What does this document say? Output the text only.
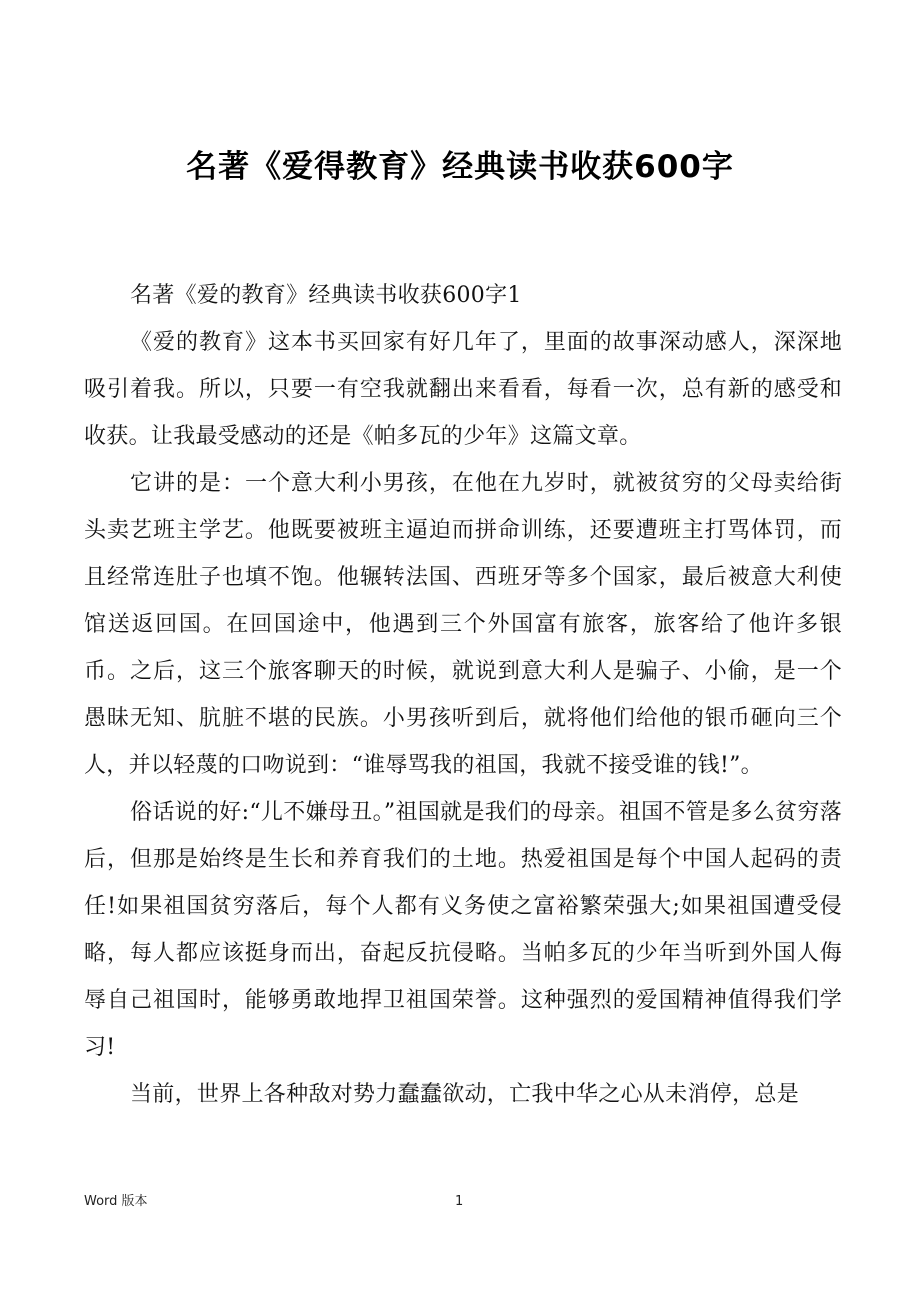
名著《爱得教育》经典读书收获600字

名著《爱的教育》经典读书收获600字1

《爱的教育》这本书买回家有好几年了，里面的故事深动感人，深深地吸引着我。所以，只要一有空我就翻出来看看，每看一次，总有新的感受和收获。让我最受感动的还是《帕多瓦的少年》这篇文章。

它讲的是：一个意大利小男孩，在他在九岁时，就被贫穷的父母卖给街头卖艺班主学艺。他既要被班主逼迫而拼命训练，还要遭班主打骂体罚，而且经常连肚子也填不饱。他辗转法国、西班牙等多个国家，最后被意大利使馆送返回国。在回国途中，他遇到三个外国富有旅客，旅客给了他许多银币。之后，这三个旅客聊天的时候，就说到意大利人是骗子、小偷，是一个愚昧无知、肮脏不堪的民族。小男孩听到后，就将他们给他的银币砸向三个人，并以轻蔑的口吻说到：“谁辱骂我的祖国，我就不接受谁的钱!”。

俗话说的好:“儿不嫌母丑。”祖国就是我们的母亲。祖国不管是多么贫穷落后，但那是始终是生长和养育我们的土地。热爱祖国是每个中国人起码的责任!如果祖国贫穷落后，每个人都有义务使之富裕繁荣强大;如果祖国遭受侵略，每人都应该挺身而出，奋起反抗侵略。当帕多瓦的少年当听到外国人侮辱自己祖国时，能够勇敢地捍卫祖国荣誉。这种强烈的爱国精神值得我们学习!

当前，世界上各种敌对势力蠢蠢欲动，亡我中华之心从未消停，总是

Word 版本	1
